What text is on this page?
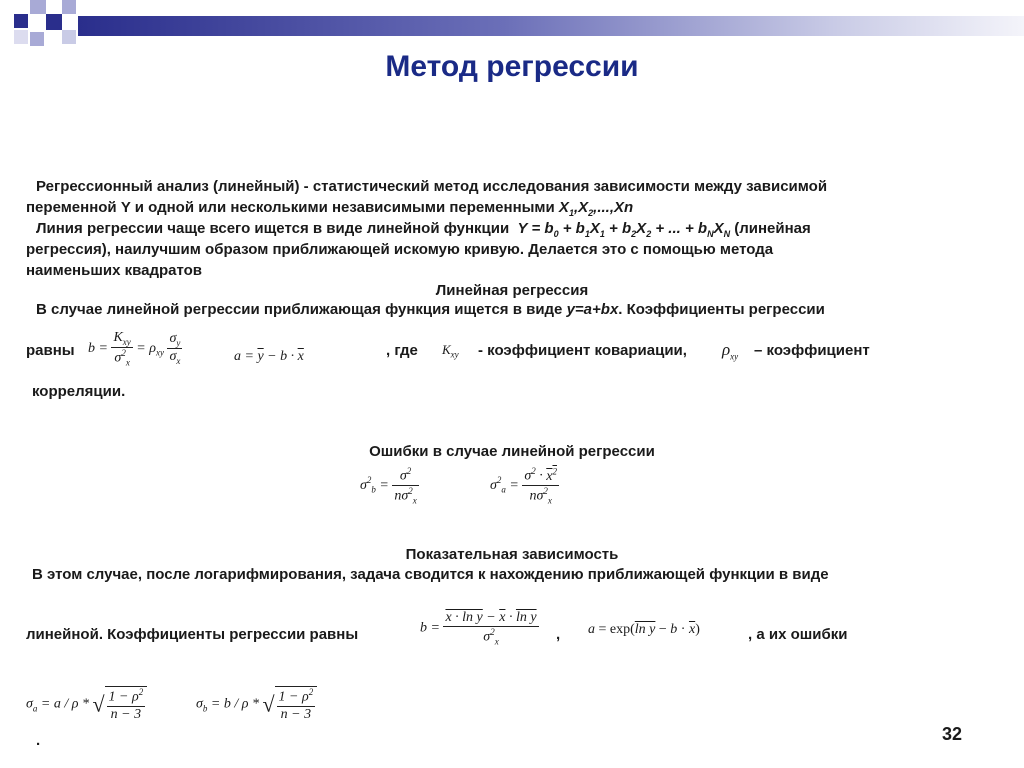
Метод регрессии
Регрессионный анализ (линейный) - статистический метод исследования зависимости между зависимой
переменной Y и одной или несколькими независимыми переменными $X_1,X_2,...,Xn$
Линия регрессии чаще всего ищется в виде линейной функции  $Y = b_0 + b_1X_1 + b_2X_2$ + ... + $b_NX_N$ (линейная
регрессия), наилучшим образом приближающей искомую кривую. Делается это с помощью метода
наименьших квадратов
Линейная регрессия
В случае линейной регрессии приближающая функция ищется в виде y=a+bx. Коэффициенты регрессии
равны b =
$K_{xy}$
$\sigma^2_x$
= $\rho_{xy} \frac{\sigma_y}{\sigma_x}$	$a = \overline{y} - b \cdot \overline{x}$	, где $K_{xy}$ - коэффициент ковариации, $\rho_{xy}$ – коэффициент
корреляции.
Ошибки в случае линейной регрессии
$\sigma^2_b = \frac{\sigma^2}{n\sigma^2_x}$	$\sigma^2_a = \frac{\sigma^2 \cdot x^2}{n\sigma^2_x}$
Показательная зависимость
В этом случае, после логарифмирования, задача сводится к нахождению приближающей функции в виде
линейной. Коэффициенты регрессии равны	$b = \frac{x \cdot \ln y - \overline{x} \cdot \ln y}{\sigma^2_x}$ , a = exp(ln $y - b \cdot \overline{x}$)	, а их ошибки
$\sigma_a = a / \rho$ * √ $\frac{1 - \rho^2}{n - 3}$	$\sigma_b = b / \rho$ * √ $\frac{1 - \rho^2}{n - 3}$
.	32
